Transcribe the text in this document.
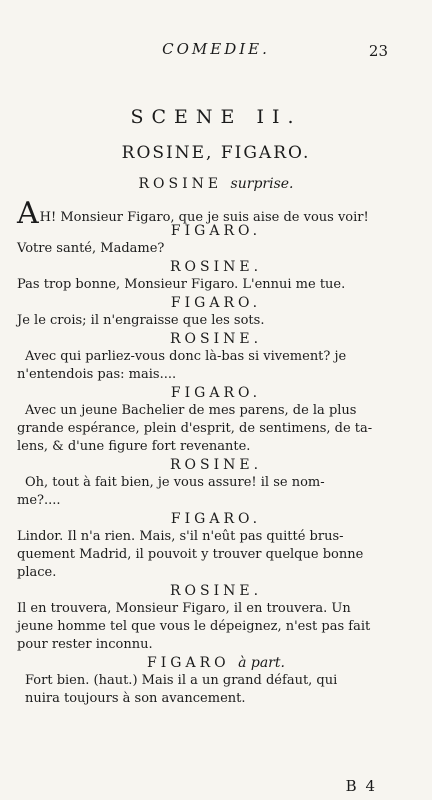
COMEDIE.	23
SCENE II.
ROSINE, FIGARO.
ROSINE surprise.
AH! Monsieur Figaro, que je suis aise de vous voir!
FIGARO.
Votre santé, Madame?
ROSINE.
Pas trop bonne, Monsieur Figaro. L'ennui me tue.
FIGARO.
Je le crois; il n'engraisse que les sots.
ROSINE.
Avec qui parliez-vous donc là-bas si vivement? je
n'entendois pas: mais....
FIGARO.
Avec un jeune Bachelier de mes parens, de la plus
grande espérance, plein d'esprit, de sentimens, de ta-
lens, & d'une figure fort revenante.
ROSINE.
Oh, tout à fait bien, je vous assure! il se nom-
me?....
FIGARO.
Lindor. Il n'a rien. Mais, s'il n'eût pas quitté brus-
quement Madrid, il pouvoit y trouver quelque bonne
place.
ROSINE.
Il en trouvera, Monsieur Figaro, il en trouvera. Un
jeune homme tel que vous le dépeignez, n'est pas fait
pour rester inconnu.
FIGARO à part.
Fort bien. (haut.) Mais il a un grand défaut, qui
nuira toujours à son avancement.
B 4
